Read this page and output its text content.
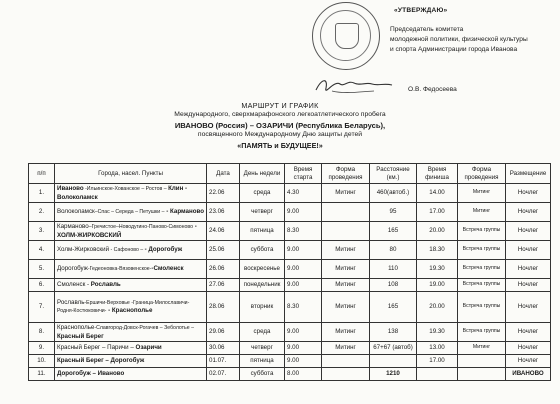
«УТВЕРЖДАЮ»
Председатель комитета
молодежной политики, физической культуры
и спорта Администрации города Иванова
О.В. Федосеева
МАРШРУТ И ГРАФИК
Международного, сверхмарафонского легкоатлетического пробега
ИВАНОВО (Россия) – ОЗАРИЧИ (Республика Беларусь),
посвященного Международному Дню защиты детей
«ПАМЯТЬ и БУДУЩЕЕ!»
п/п	Города, насел. Пункты	Дата	День недели	Время старта	Форма проведения	Расстояние (км.)	Время финиша	Форма проведения	Размещение
1.	Иваново -Ильинское-Хованское – Ростов – Клин - Волоколамск	22.06	среда	4.30	Митинг	460(автоб.)	14.00	Митинг	Ночлег
2.	Волоколамск–Спас – Середа – Петушки – - Карманово	23.06	четверг	9.00		95	17.00	Митинг	Ночлег
3.	Карманово–Гречистое–Новодугино-Паново-Симоново - ХОЛМ-ЖИРКОВСКИЙ	24.06	пятница	8.30		165	20.00	Встреча группы	Ночлег
4.	Холм-Жирковский - Сафоново – - Дорогобуж	25.06	суббота	9.00	Митинг	80	18.30	Встреча группы	Ночлег
5.	Дорогобуж-Гедеоновка-Вязовенское--Смоленск	26.06	воскресенье	9.00	Митинг	110	19.30	Встреча группы	Ночлег
6.	Смоленск - Рославль	27.06	понедельник	9.00	Митинг	108	19.00	Встреча группы	Ночлег
7.	Рославль-Ершичи-Верховье -Граница-Милославичи-Родня-Костюковичи- - Краснополье	28.06	вторник	8.30	Митинг	165	20.00	Встреча группы	Ночлег
8.	Краснополье-Славгород-Довск-Рогачев – Зеболотье – Красный Берег	29.06	среда	9.00	Митинг	138	19.30	Встреча группы	Ночлег
9.	Красный Берег – Паричи – Озаричи	30.06	четверг	9.00	Митинг	67+67 (автоб)	13.00	Митинг	Ночлег
10.	Красный Берег – Дорогобуж	01.07.	пятница	9.00			17.00		Ночлег
11.	Дорогобуж – Иваново	02.07.	суббота	8.00		1210			ИВАНОВО
